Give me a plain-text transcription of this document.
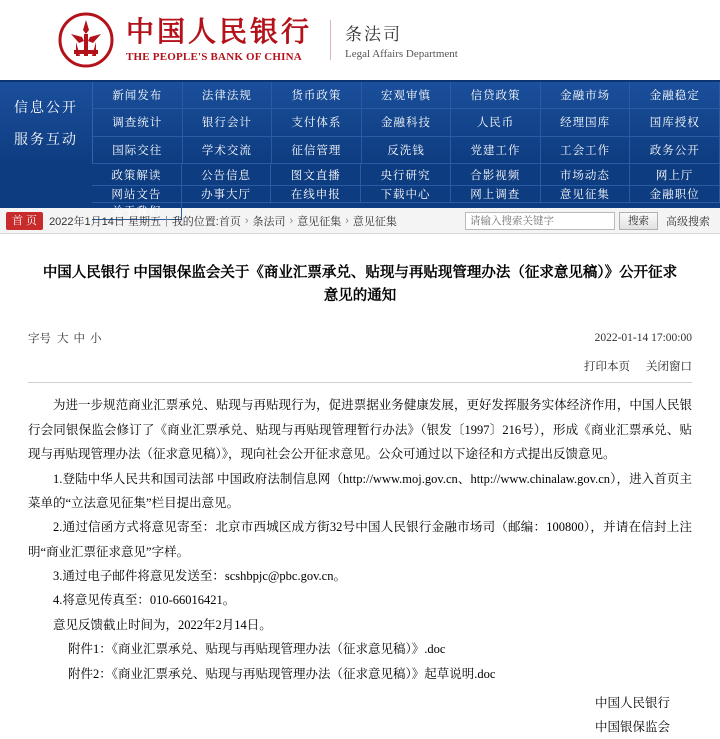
中国人民银行
THE PEOPLE'S BANK OF CHINA
条法司
Legal Affairs Department
信息公开
服务互动
新闻发布	法律法规	货币政策	宏观审慎	信贷政策	金融市场	金融稳定
调查统计	银行会计	支付体系	金融科技	人民币	经理国库	国库授权
国际交往	学术交流	征信管理	反洗钱	党建工作	工会工作	政务公开
政策解读	公告信息	图文直播	央行研究	合影视频	市场动态	网上厅
网站文告	办事大厅	在线申报	下载中心	网上调查	意见征集	金融职位
关于我们
首 页	2022年1月14日 星期五 | 我的位置:首页 › 条法司 › 意见征集 › 意见征集
请输入搜索关键字	搜索	高级搜索
中国人民银行 中国银保监会关于《商业汇票承兑、贴现与再贴现管理办法（征求意见稿）》公开征求意见的通知
字号 大 中 小	2022-01-14 17:00:00
打印本页 关闭窗口

为进一步规范商业汇票承兑、贴现与再贴现行为，促进票据业务健康发展，更好发挥服务实体经济作用，中国人民银行会同银保监会修订了《商业汇票承兑、贴现与再贴现管理暂行办法》（银发〔1997〕216号），形成《商业汇票承兑、贴现与再贴现管理办法（征求意见稿）》，现向社会公开征求意见。公众可通过以下途径和方式提出反馈意见。

1.登陆中华人民共和国司法部 中国政府法制信息网（http://www.moj.gov.cn、http://www.chinalaw.gov.cn），进入首页主菜单的“立法意见征集”栏目提出意见。

2.通过信函方式将意见寄至：北京市西城区成方街32号中国人民银行金融市场司（邮编：100800），并请在信封上注明“商业汇票征求意见”字样。

3.通过电子邮件将意见发送至：scshbpjc@pbc.gov.cn。

4.将意见传真至：010-66016421。

意见反馈截止时间为，2022年2月14日。

附件1：《商业汇票承兑、贴现与再贴现管理办法（征求意见稿）》.doc

附件2：《商业汇票承兑、贴现与再贴现管理办法（征求意见稿）》起草说明.doc

中国人民银行
中国银保监会
